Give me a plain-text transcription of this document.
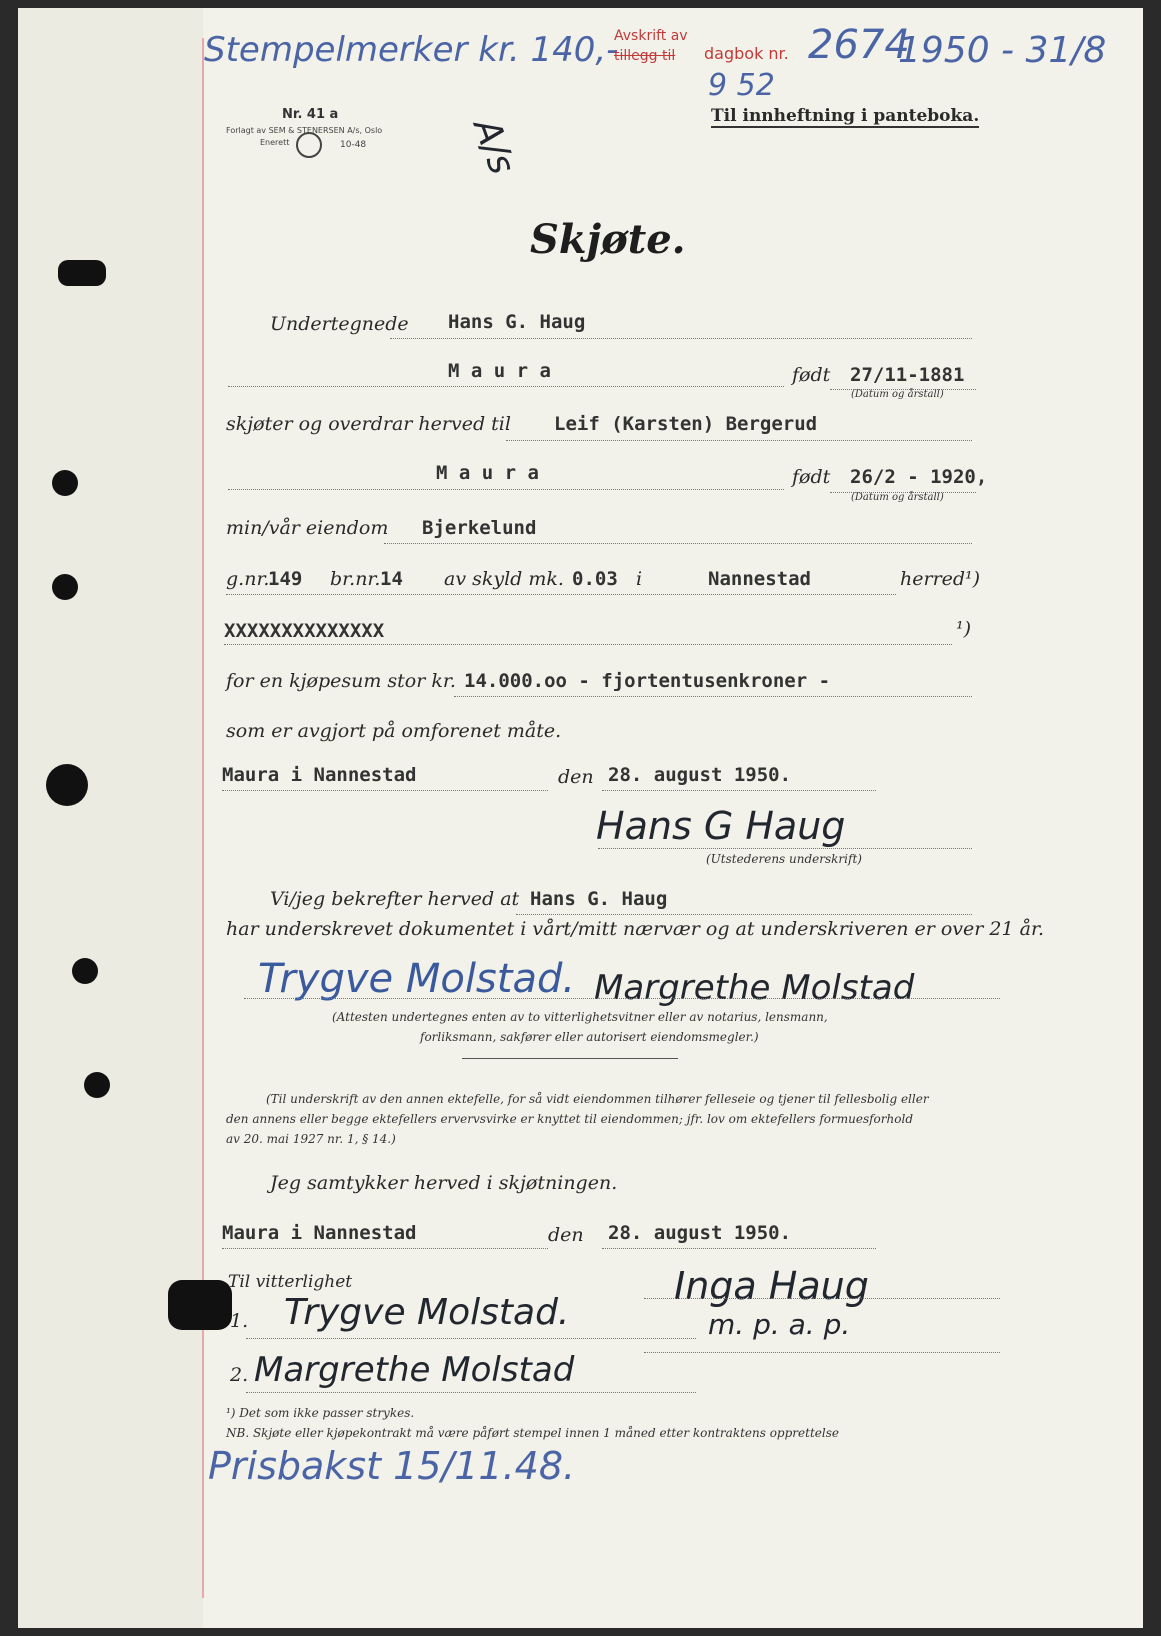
Stempelmerker kr. 140,-
Avskrift av
tillegg til dagbok nr. 2674
1950 - 31/8
9 52
Til innheftning i panteboka.
Nr. 41 a
Forlagt av SEM & STENERSEN A/s, Oslo
Enerett	10-48	A/s
Skjøte.
Undertegnede Hans G. Haug
M a u r a	født 27/11-1881
(Datum og årstall)
skjøter og overdrar herved til Leif (Karsten) Bergerud
M a u r a	født 26/2 - 1920,
(Datum og årstall)
min/vår eiendom Bjerkelund
g.nr.
149 br.nr. 14 av skyld mk. 0.03 i	Nannestad	herred¹)
XXXXXXXXXXXXXX	¹)
for en kjøpesum stor kr. 14.000.oo - fjortentusenkroner -
som er avgjort på omforenet måte.
Maura i Nannestad	den 28. august 1950.
Hans G Haug
(Utstederens underskrift)
Vi/jeg bekrefter herved at Hans G. Haug
har underskrevet dokumentet i vårt/mitt nærvær og at underskriveren er over 21 år.
Trygve Molstad. Margrethe Molstad
(Attesten undertegnes enten av to vitterlighetsvitner eller av notarius, lensmann,
forliksmann, sakfører eller autorisert eiendomsmegler.)
(Til underskrift av den annen ektefelle, for så vidt eiendommen tilhører felleseie og tjener til fellesbolig eller
den annens eller begge ektefellers ervervsvirke er knyttet til eiendommen; jfr. lov om ektefellers formuesforhold
av 20. mai 1927 nr. 1, § 14.)
Jeg samtykker herved i skjøtningen.
Maura i Nannestad	den 28. august 1950.
Til vitterlighet
1. Trygve Molstad.
2. Margrethe Molstad
Inga Haug
m. p. a. p.
¹) Det som ikke passer strykes.
NB. Skjøte eller kjøpekontrakt må være påført stempel innen 1 måned etter kontraktens opprettelse
Prisbakst 15/11.48.
